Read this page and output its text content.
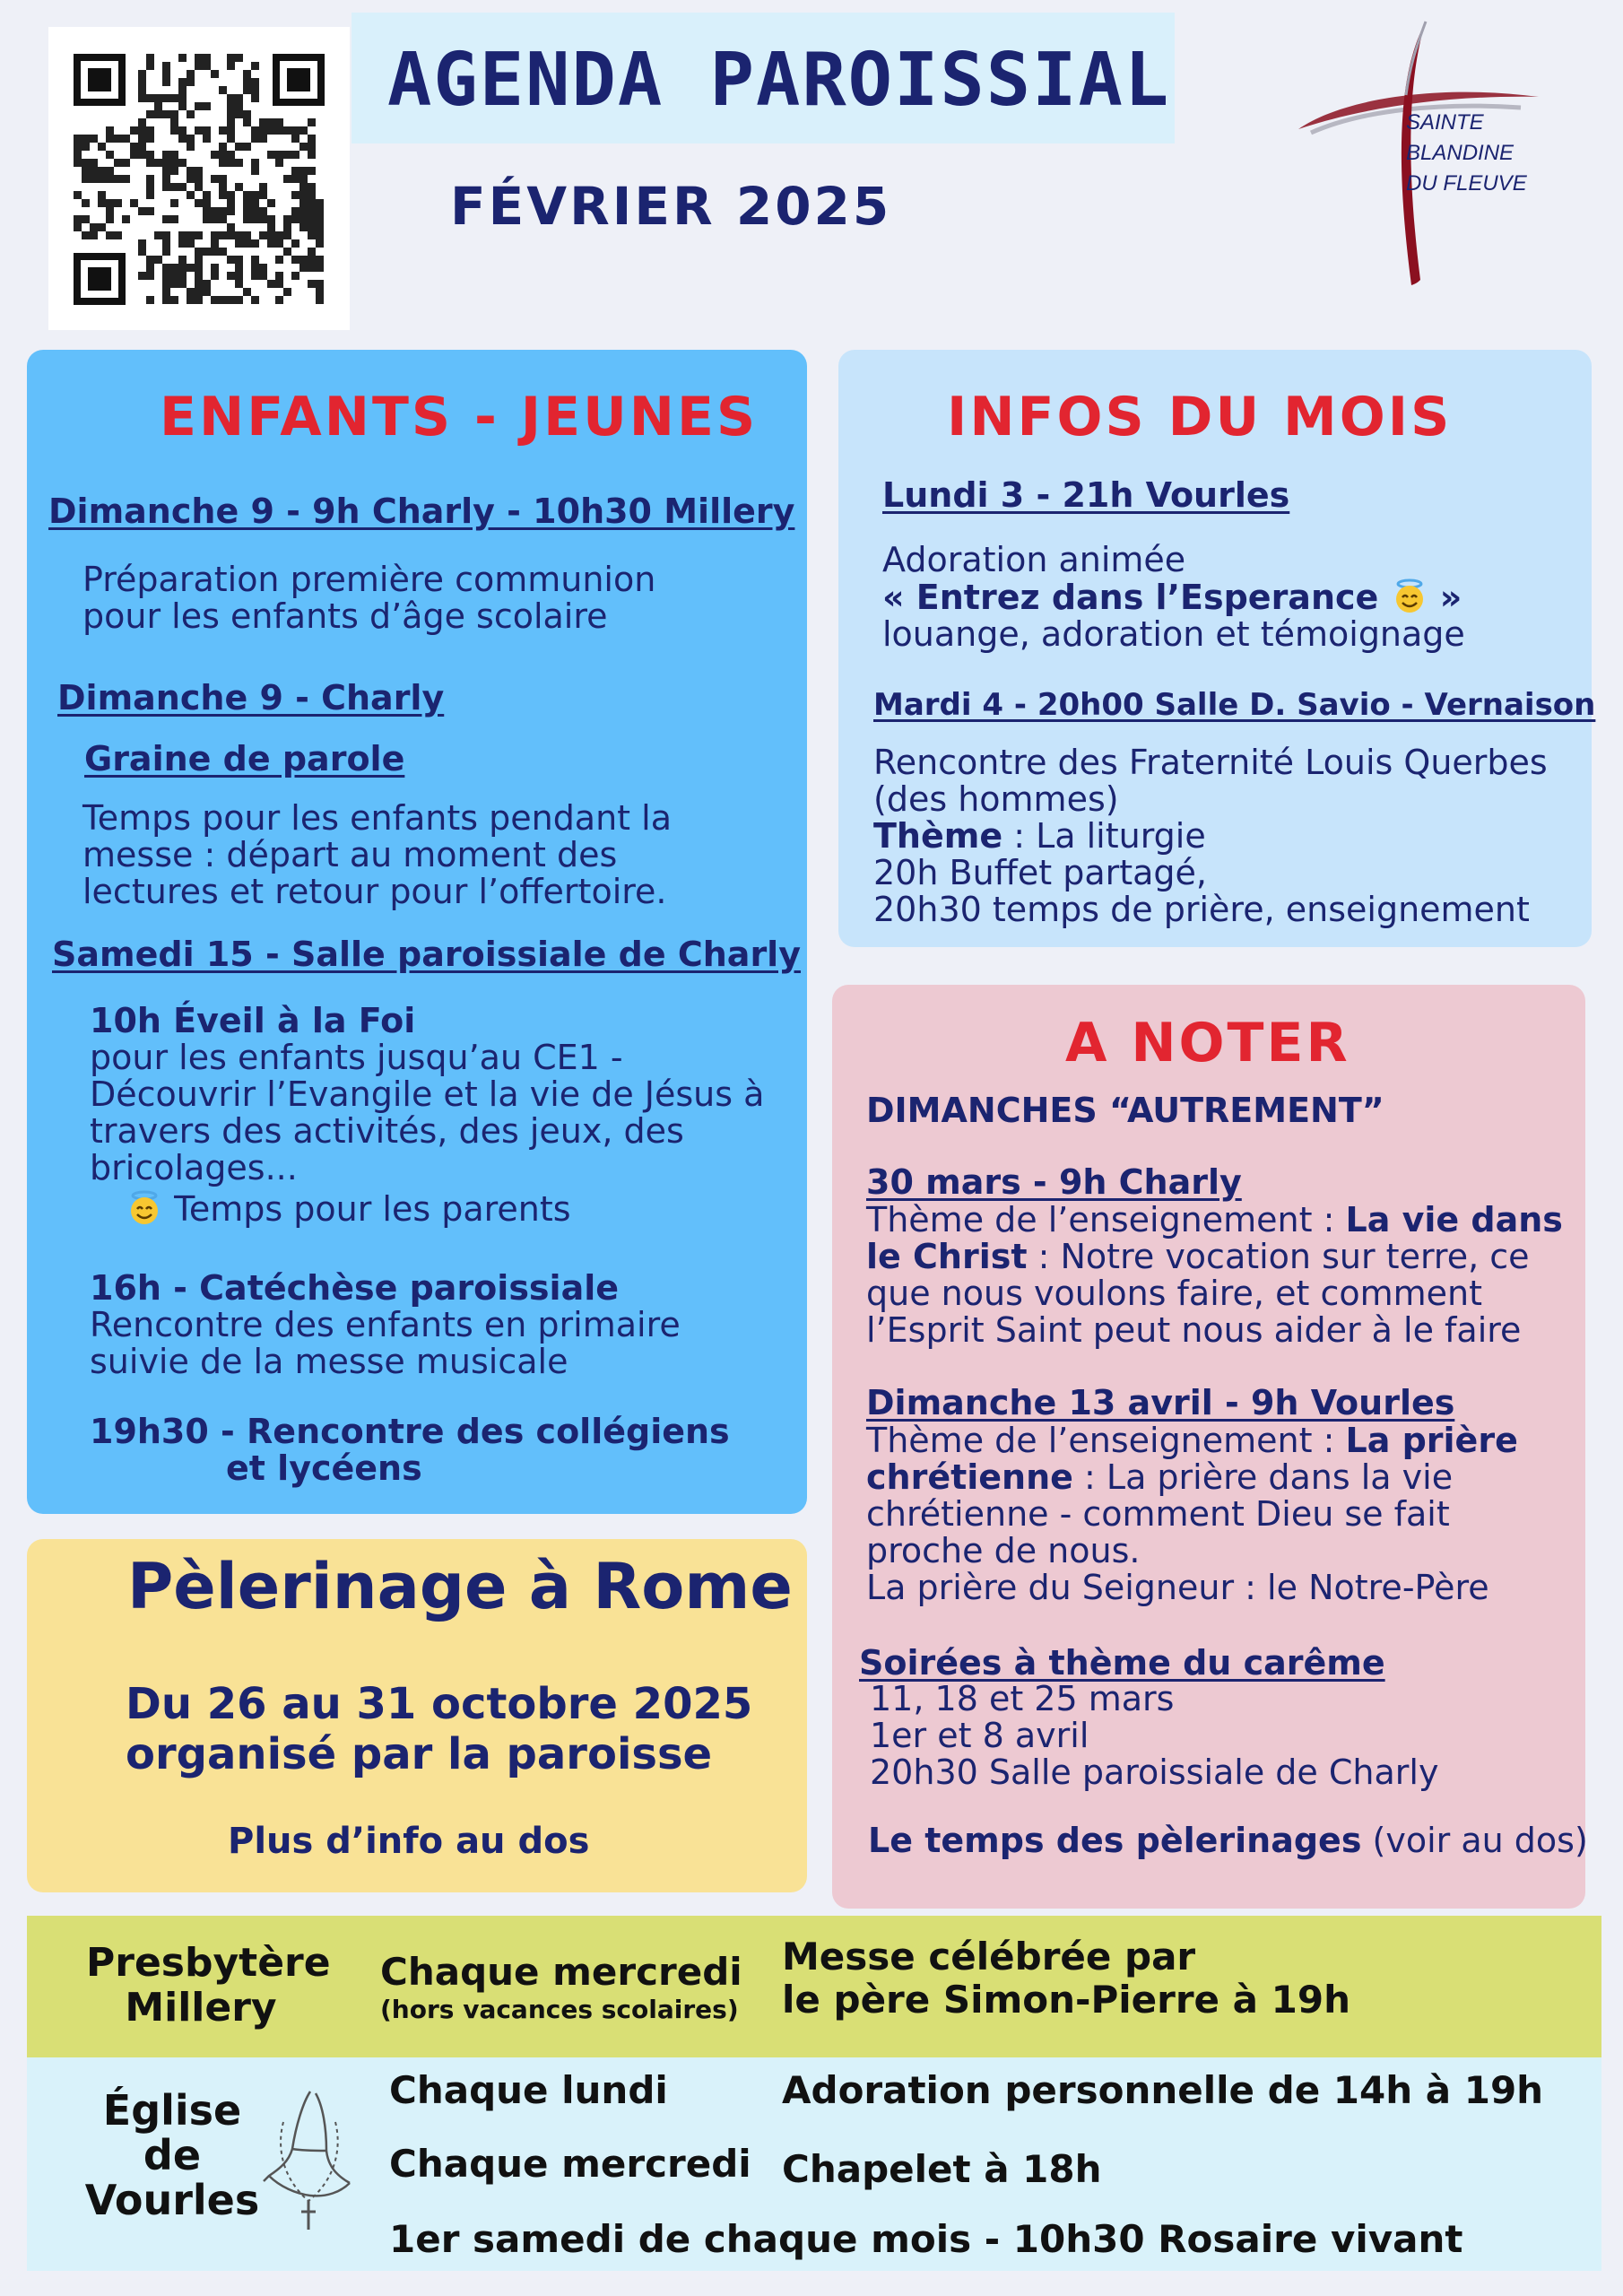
AGENDA PAROISSIAL
FÉVRIER 2025
SAINTE
BLANDINE
DU FLEUVE
ENFANTS - JEUNES
Dimanche 9 - 9h Charly - 10h30 Millery
Préparation première communion
pour les enfants d’âge scolaire
Dimanche 9 - Charly
Graine de parole
Temps pour les enfants pendant la
messe : départ au moment des
lectures et retour pour l’offertoire.
Samedi 15 - Salle paroissiale de Charly
10h Éveil à la Foi
pour les enfants jusqu’au CE1 -
Découvrir l’Evangile et la vie de Jésus à
travers des activités, des jeux, des
bricolages...
Temps pour les parents
16h - Catéchèse paroissiale
Rencontre des enfants en primaire
suivie de la messe musicale
19h30 - Rencontre des collégiens
et lycéens
INFOS DU MOIS
Lundi 3 - 21h Vourles
Adoration animée
« Entrez dans l’Esperance »
louange, adoration et témoignage
Mardi 4 - 20h00 Salle D. Savio - Vernaison
Rencontre des Fraternité Louis Querbes
(des hommes)
Thème : La liturgie
20h Buffet partagé,
20h30 temps de prière, enseignement
A NOTER
DIMANCHES “AUTREMENT”
30 mars - 9h Charly
Thème de l’enseignement : La vie dans
le Christ : Notre vocation sur terre, ce
que nous voulons faire, et comment
l’Esprit Saint peut nous aider à le faire
Dimanche 13 avril - 9h Vourles
Thème de l’enseignement : La prière
chrétienne : La prière dans la vie
chrétienne - comment Dieu se fait
proche de nous.
La prière du Seigneur : le Notre-Père
Soirées à thème du carême
11, 18 et 25 mars
1er et 8 avril
20h30 Salle paroissiale de Charly
Le temps des pèlerinages (voir au dos)
Pèlerinage à Rome
Du 26 au 31 octobre 2025
organisé par la paroisse
Plus d’info au dos
Presbytère
Millery
Chaque mercredi
(hors vacances scolaires)
Messe célébrée par
le père Simon-Pierre à 19h
Église
de
Vourles
Chaque lundi	Adoration personnelle de 14h à 19h
Chaque mercredi Chapelet à 18h
1er samedi de chaque mois - 10h30 Rosaire vivant
